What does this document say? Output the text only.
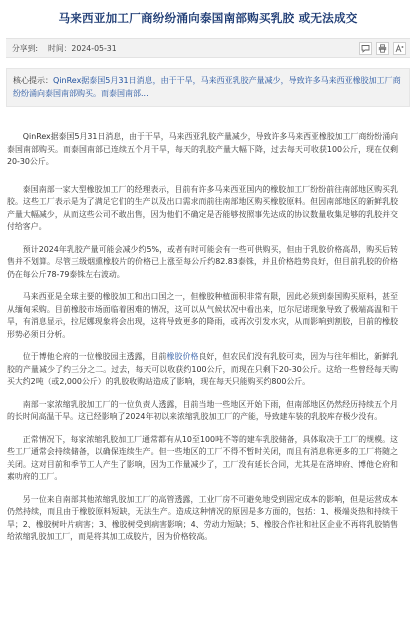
马来西亚加工厂商纷纷涌向泰国南部购买乳胶 或无法成交
分享到: 时间：2024-05-31
核心提示：QinRex据泰国5月31日消息，由于干旱，马来西亚乳胶产量减少，导致许多马来西亚橡胶加工厂商纷纷涌向泰国南部购买。而泰国南部...

QinRex据泰国5月31日消息，由于干旱，马来西亚乳胶产量减少，导致许多马来西亚橡胶加工厂商纷纷涌向泰国南部购买。而泰国南部已连续五个月干旱，每天的乳胶产量大幅下降，过去每天可收获100公斤，现在仅剩20-30公斤。

泰国南部一家大型橡胶加工厂的经理表示，目前有许多马来西亚国内的橡胶加工厂纷纷前往南部地区购买乳胶。这些工厂表示是为了满足它们的生产以及出口需求而前往南部地区购买橡胶原料。但因南部地区的新鲜乳胶产量大幅减少，从而这些公司不敢出售，因为他们不确定是否能够按照事先达成的协议数量收集足够的乳胶并交付给客户。

预计2024年乳胶产量可能会减少约5%，或者有时可能会有一些可供购买，但由于乳胶价格高昂，购买后转售并不划算。尽管三级烟熏橡胶片的价格已上涨至每公斤约82.83泰铢，并且价格趋势良好，但目前乳胶的价格仍在每公斤78-79泰铢左右波动。

马来西亚是全球主要的橡胶加工和出口国之一，但橡胶种植面积非常有限，因此必须到泰国购买原料，甚至从缅甸采购。目前橡胶市场面临着困难的情况，这可以从气候状况中看出来，厄尔尼诺现象导致了极端高温和干旱，有消息显示，拉尼娜现象将会出现，这将导致更多的降雨，或再次引发水灾，从而影响到割胶，目前的橡胶形势必须日分析。

位于博他仑府的一位橡胶园主透露，目前橡胶价格良好，但农民们没有乳胶可卖，因为与往年相比，新鲜乳胶的产量减少了约三分之二。过去，每天可以收获约100公斤，而现在只剩下20-30公斤。这给一些曾经每天购买大约2吨（或2,000公斤）的乳胶收购站造成了影响，现在每天只能购买约800公斤。

南部一家浓缩乳胶加工厂的一位负责人透露，目前当地一些地区开始下雨，但南部地区仍然经历持续五个月的长时间高温干旱。这已经影响了2024年初以来浓缩乳胶加工厂的产能，导致建车装的乳胶库存极少没有。

正常情况下，每家浓缩乳胶加工厂通常都有从10至100吨不等的建车乳胶储备，具体取决于工厂的规模。这些工厂通常会持续储备，以确保连续生产。但一些地区的工厂不得不暂时关闭，而且有消息称更多的工厂将随之关闭。这对目前和季节工人产生了影响，因为工作量减少了，工厂没有延长合同，尤其是在洛坤府、博他仑府和素叻府的工厂。

另一位来自南部其他浓缩乳胶加工厂的高管透露，工业厂房不可避免地受到固定成本的影响，但是运营成本仍然持续，而且由于橡胶原料短缺，无法生产。造成这种情况的原因是多方面的，包括：1、极端炎热和持续干旱；2、橡胶树叶片病害；3、橡胶树受到病害影响；4、劳动力短缺；5、橡胶合作社和社区企业不再将乳胶销售给浓缩乳胶加工厂，而是将其加工成胶片，因为价格较高。
